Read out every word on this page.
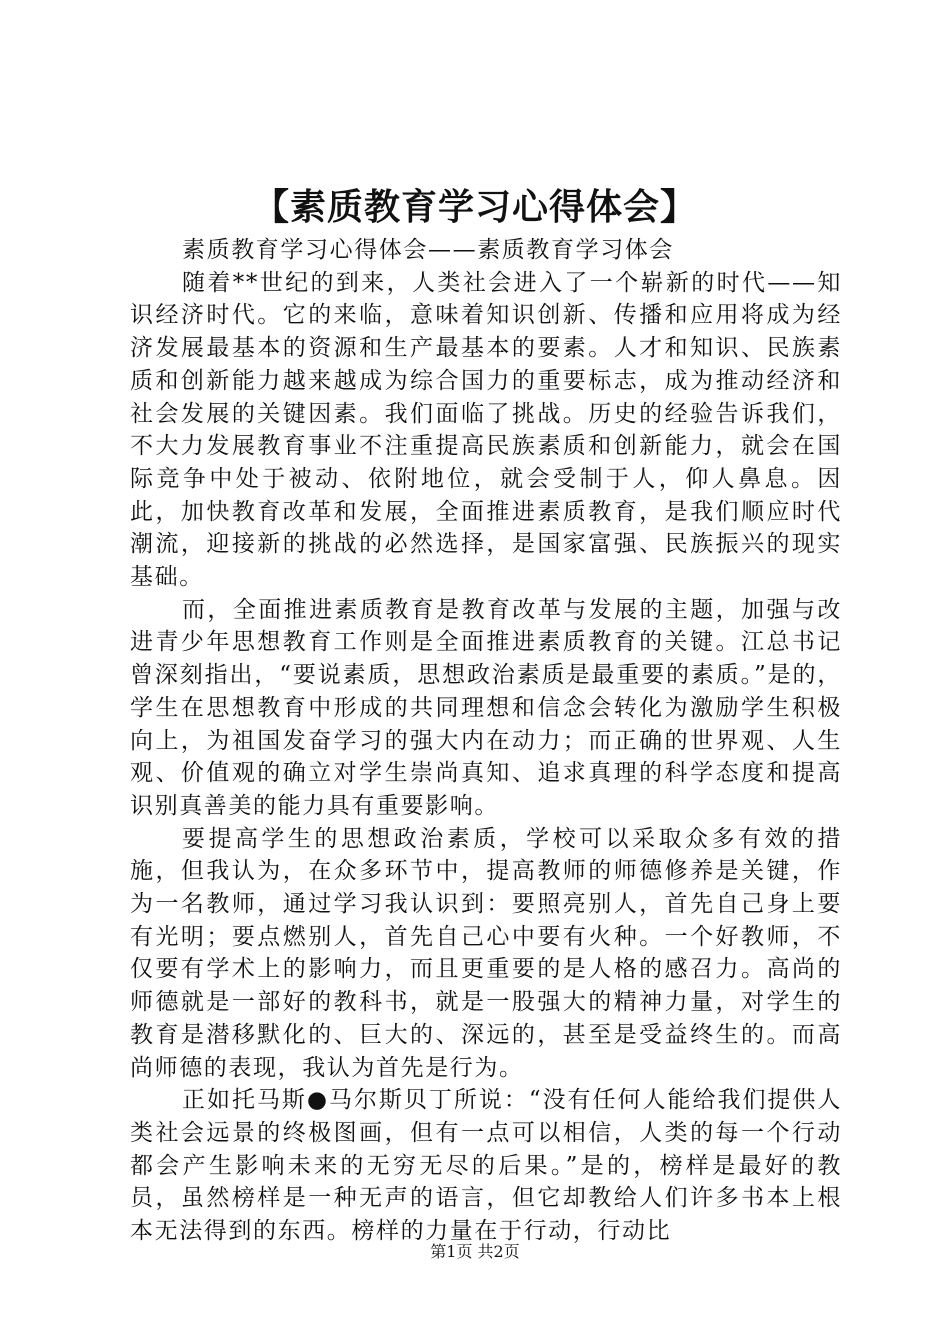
【素质教育学习心得体会】

素质教育学习心得体会——素质教育学习体会

随着**世纪的到来，人类社会进入了一个崭新的时代——知识经济时代。它的来临，意味着知识创新、传播和应用将成为经济发展最基本的资源和生产最基本的要素。人才和知识、民族素质和创新能力越来越成为综合国力的重要标志，成为推动经济和社会发展的关键因素。我们面临了挑战。历史的经验告诉我们，不大力发展教育事业不注重提高民族素质和创新能力，就会在国际竞争中处于被动、依附地位，就会受制于人，仰人鼻息。因此，加快教育改革和发展，全面推进素质教育，是我们顺应时代潮流，迎接新的挑战的必然选择，是国家富强、民族振兴的现实基础。

而，全面推进素质教育是教育改革与发展的主题，加强与改进青少年思想教育工作则是全面推进素质教育的关键。江总书记曾深刻指出，“要说素质，思想政治素质是最重要的素质。”是的，学生在思想教育中形成的共同理想和信念会转化为激励学生积极向上，为祖国发奋学习的强大内在动力；而正确的世界观、人生观、价值观的确立对学生崇尚真知、追求真理的科学态度和提高识别真善美的能力具有重要影响。

要提高学生的思想政治素质，学校可以采取众多有效的措施，但我认为，在众多环节中，提高教师的师德修养是关键，作为一名教师，通过学习我认识到：要照亮别人，首先自己身上要有光明；要点燃别人，首先自己心中要有火种。一个好教师，不仅要有学术上的影响力，而且更重要的是人格的感召力。高尚的师德就是一部好的教科书，就是一股强大的精神力量，对学生的教育是潜移默化的、巨大的、深远的，甚至是受益终生的。而高尚师德的表现，我认为首先是行为。

正如托马斯●马尔斯贝丁所说：“没有任何人能给我们提供人类社会远景的终极图画，但有一点可以相信，人类的每一个行动都会产生影响未来的无穷无尽的后果。”是的，榜样是最好的教员，虽然榜样是一种无声的语言，但它却教给人们许多书本上根本无法得到的东西。榜样的力量在于行动，行动比

第1页 共2页
